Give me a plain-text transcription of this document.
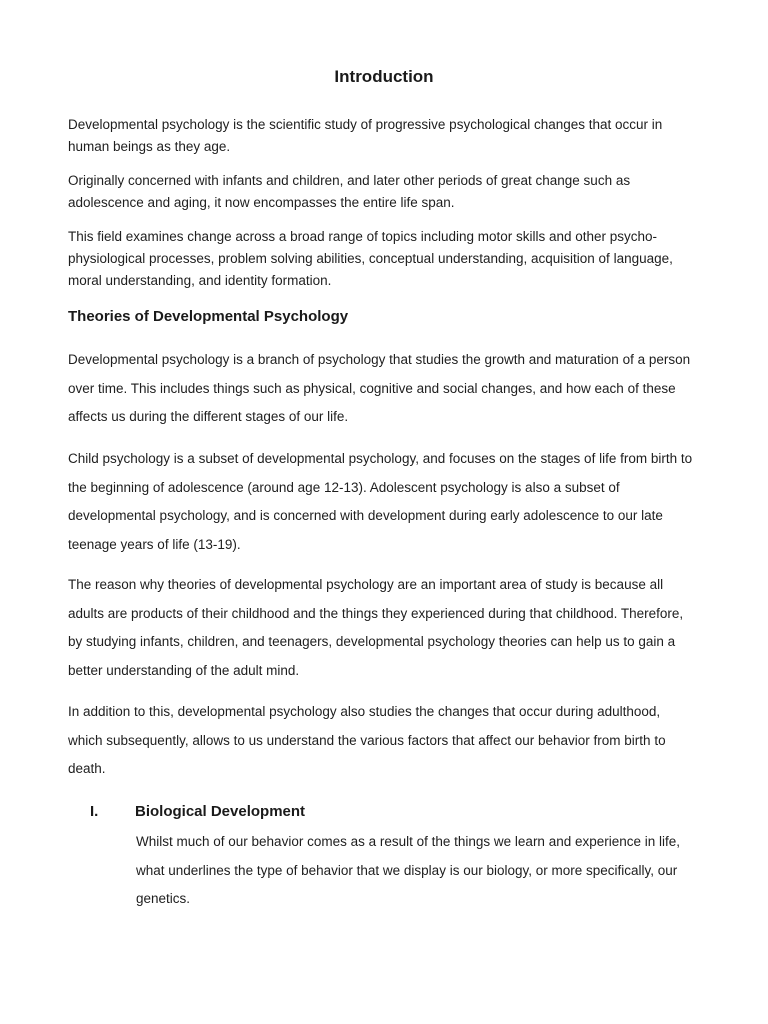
Introduction

Developmental psychology is the scientific study of progressive psychological changes that occur in human beings as they age.

Originally concerned with infants and children, and later other periods of great change such as adolescence and aging, it now encompasses the entire life span.

This field examines change across a broad range of topics including motor skills and other psycho-physiological processes, problem solving abilities, conceptual understanding, acquisition of language, moral understanding, and identity formation.

Theories of Developmental Psychology

Developmental psychology is a branch of psychology that studies the growth and maturation of a person over time. This includes things such as physical, cognitive and social changes, and how each of these affects us during the different stages of our life.

Child psychology is a subset of developmental psychology, and focuses on the stages of life from birth to the beginning of adolescence (around age 12-13). Adolescent psychology is also a subset of developmental psychology, and is concerned with development during early adolescence to our late teenage years of life (13-19).

The reason why theories of developmental psychology are an important area of study is because all adults are products of their childhood and the things they experienced during that childhood. Therefore, by studying infants, children, and teenagers, developmental psychology theories can help us to gain a better understanding of the adult mind.

In addition to this, developmental psychology also studies the changes that occur during adulthood, which subsequently, allows to us understand the various factors that affect our behavior from birth to death.

I. Biological Development

Whilst much of our behavior comes as a result of the things we learn and experience in life, what underlines the type of behavior that we display is our biology, or more specifically, our genetics.
